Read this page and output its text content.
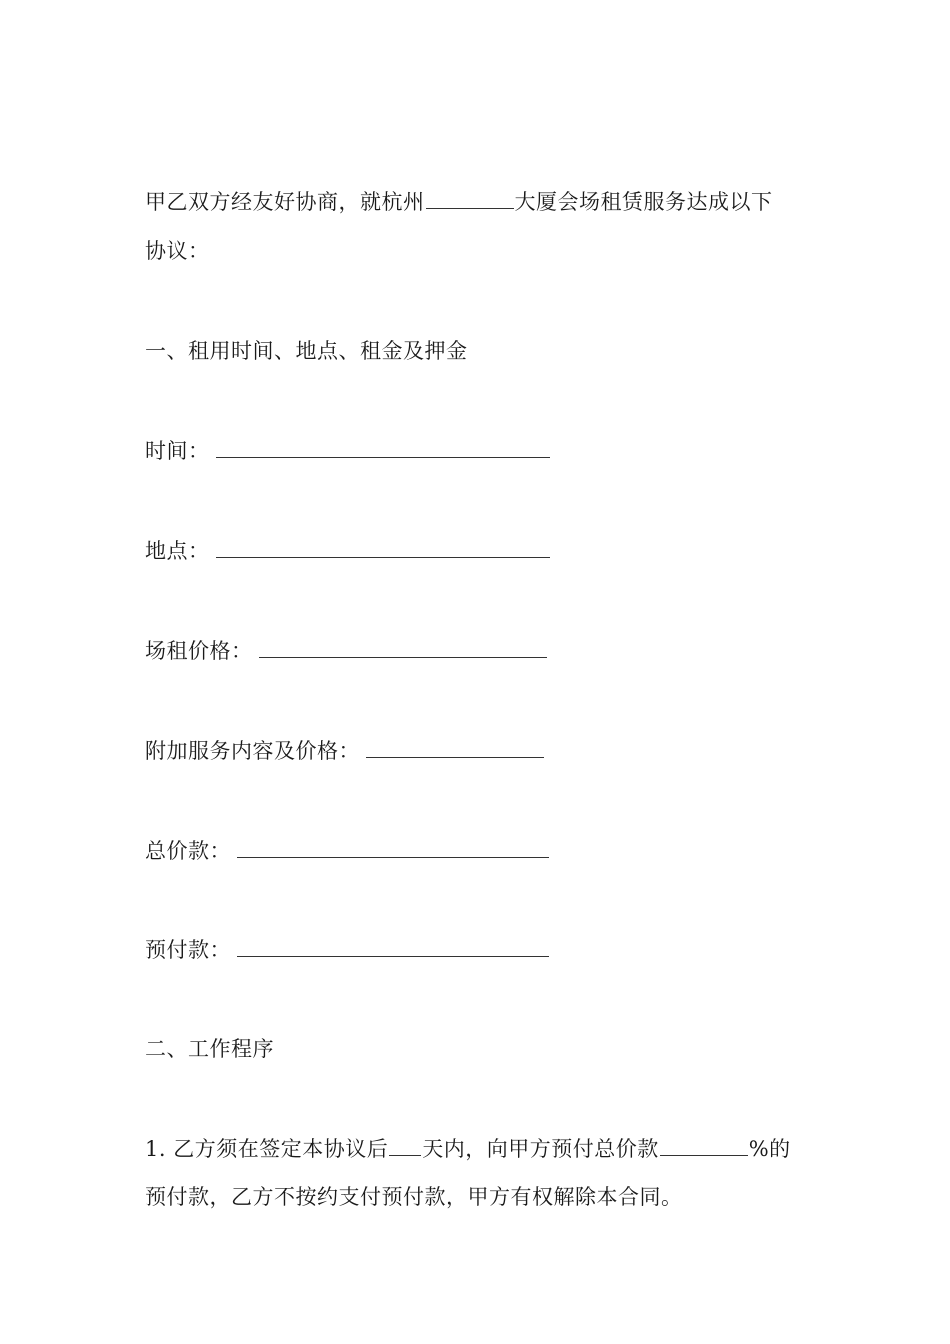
甲乙双方经友好协商，就杭州	大厦会场租赁服务达成以下
协议：
一、租用时间、地点、租金及押金
时间：
地点：
场租价格：
附加服务内容及价格：
总价款：
预付款：
二、工作程序
1. 乙方须在签定本协议后 天内，向甲方预付总价款	%的
预付款，乙方不按约支付预付款，甲方有权解除本合同。
